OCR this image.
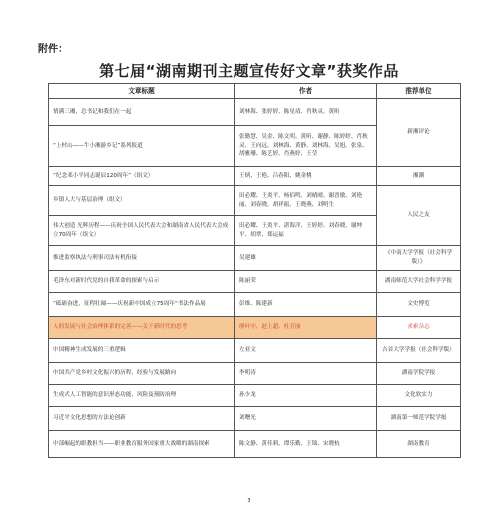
附件：
第七届“湖南期刊主题宣传好文章”获奖作品
文章标题	作者	推荐单位
情满三湘，总书记和我们在一起	刘林海、张婷婷、陈星靖、肖秋灵、黄昕	新湘评论
“上村山——牛小湘游乡记”系列报道	张勤慧、吴金、陈文明、黄昕、谢静、陈婷婷、肖秋灵、王向远、刘林海、黄静、刘林海、吴旭、张泉、胡雅珊、陈艺婷、肖燕婷、王莹	
“纪念邓小平同志诞辰120周年”（组文）	王炳、王艳、吕春阳、姚金桃	湘潮
乡镇人大与基层治理（组文）	田必耀、王炎平、杨佰鸣、刘晴晴、谢晋敏、刘艳丽、刘春晓、胡祥振、王晓燕、刘明生	人民之友
伟大创造 光辉历程——庆祝全国人民代表大会和湖南省人民代表大会成立70周年（组文）	田必耀、王炎平、湛海洋、王婷婷、刘春晓、谢坤平、胡翠、郑运福	
推进监察执法与刑事司法有机衔接	吴建雄	《中南大学学报（社会科学版）》
毛泽东对新时代党的自我革命的探索与启示	陈丽荣	湖南师范大学社会科学学报
“砥砺奋进，征程壮阔——庆祝新中国成立75周年”书法作品展	彭维、陈建新	文史博览
人的发展与社会治理体系的完善——关于新时代的思考	廖叶中、赵上超、杜芳丽	求索杂志
中国精神生成发展的三重逻辑	左亚文	吉首大学学报（社会科学版）
中国共产党乡村文化振兴的历程、经验与发展路向	李明涛	湖南学院学报
生成式人工智能的意识形态功能、风险及预防治理	孙少龙	文化软实力
习近平文化思想的方法论创新	刘曙光	湖南第一师范学院学报
中部崛起的职教担当——职业教育服务国家重大战略的湖南探索	陈文静、黄佳莉、谭乐勤、王锦、宋晓杭	湖南教育
3
